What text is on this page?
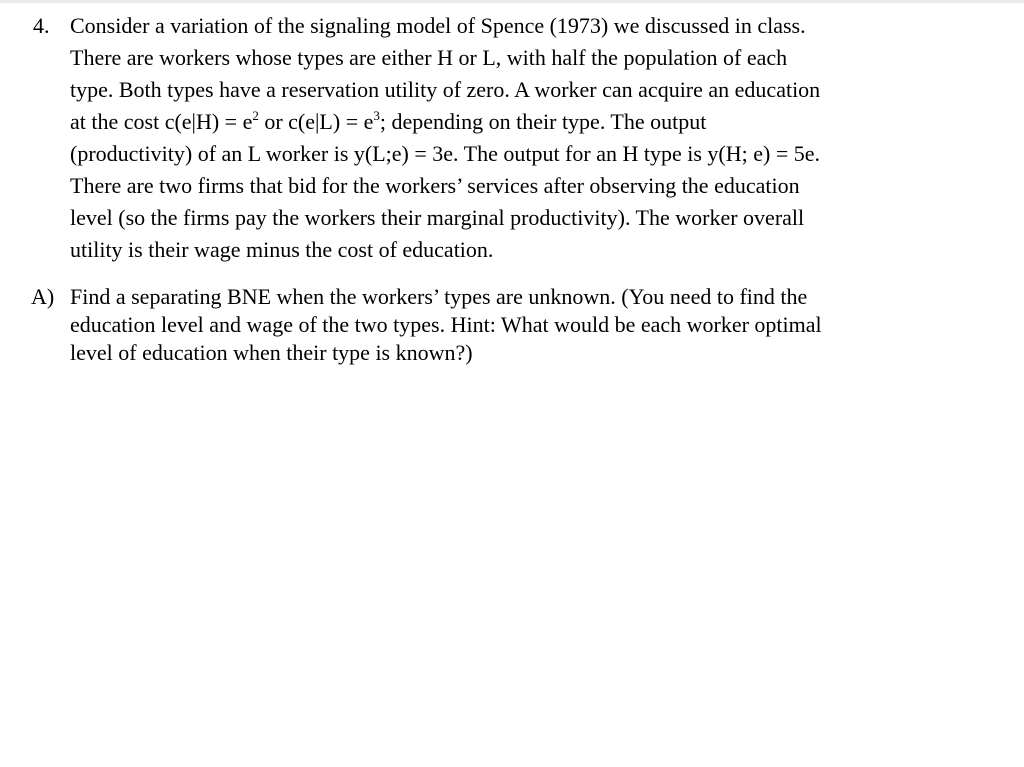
4. Consider a variation of the signaling model of Spence (1973) we discussed in class.
There are workers whose types are either H or L, with half the population of each
type. Both types have a reservation utility of zero. A worker can acquire an education
at the cost $c(e|H) = e^2$ or $c(e|L) = e^3$; depending on their type. The output
(productivity) of an L worker is y(L;e) = 3e. The output for an H type is y(H; e) = 5e.
There are two firms that bid for the workers’ services after observing the education
level (so the firms pay the workers their marginal productivity). The worker overall
utility is their wage minus the cost of education.
A) Find a separating BNE when the workers’ types are unknown. (You need to find the
education level and wage of the two types. Hint: What would be each worker optimal
level of education when their type is known?)
